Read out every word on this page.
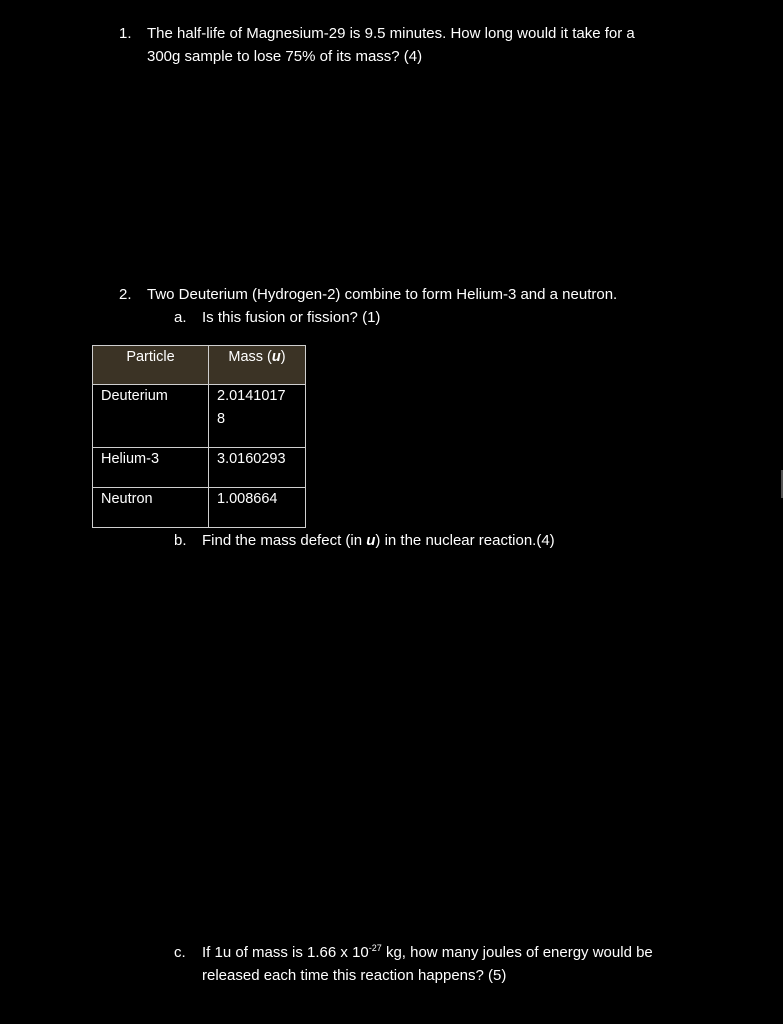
1. The half-life of Magnesium-29 is 9.5 minutes. How long would it take for a
300g sample to lose 75% of its mass? (4)
2. Two Deuterium (Hydrogen-2) combine to form Helium-3 and a neutron.
a. Is this fusion or fission? (1)
Particle	Mass (u)
Deuterium	2.0141017
8

Helium-3	3.0160293
Neutron	1.008664
b. Find the mass defect (in u) in the nuclear reaction.(4)
c. If 1u of mass is 1.66 x $10^{-27}$ kg, how many joules of energy would be
released each time this reaction happens? (5)
